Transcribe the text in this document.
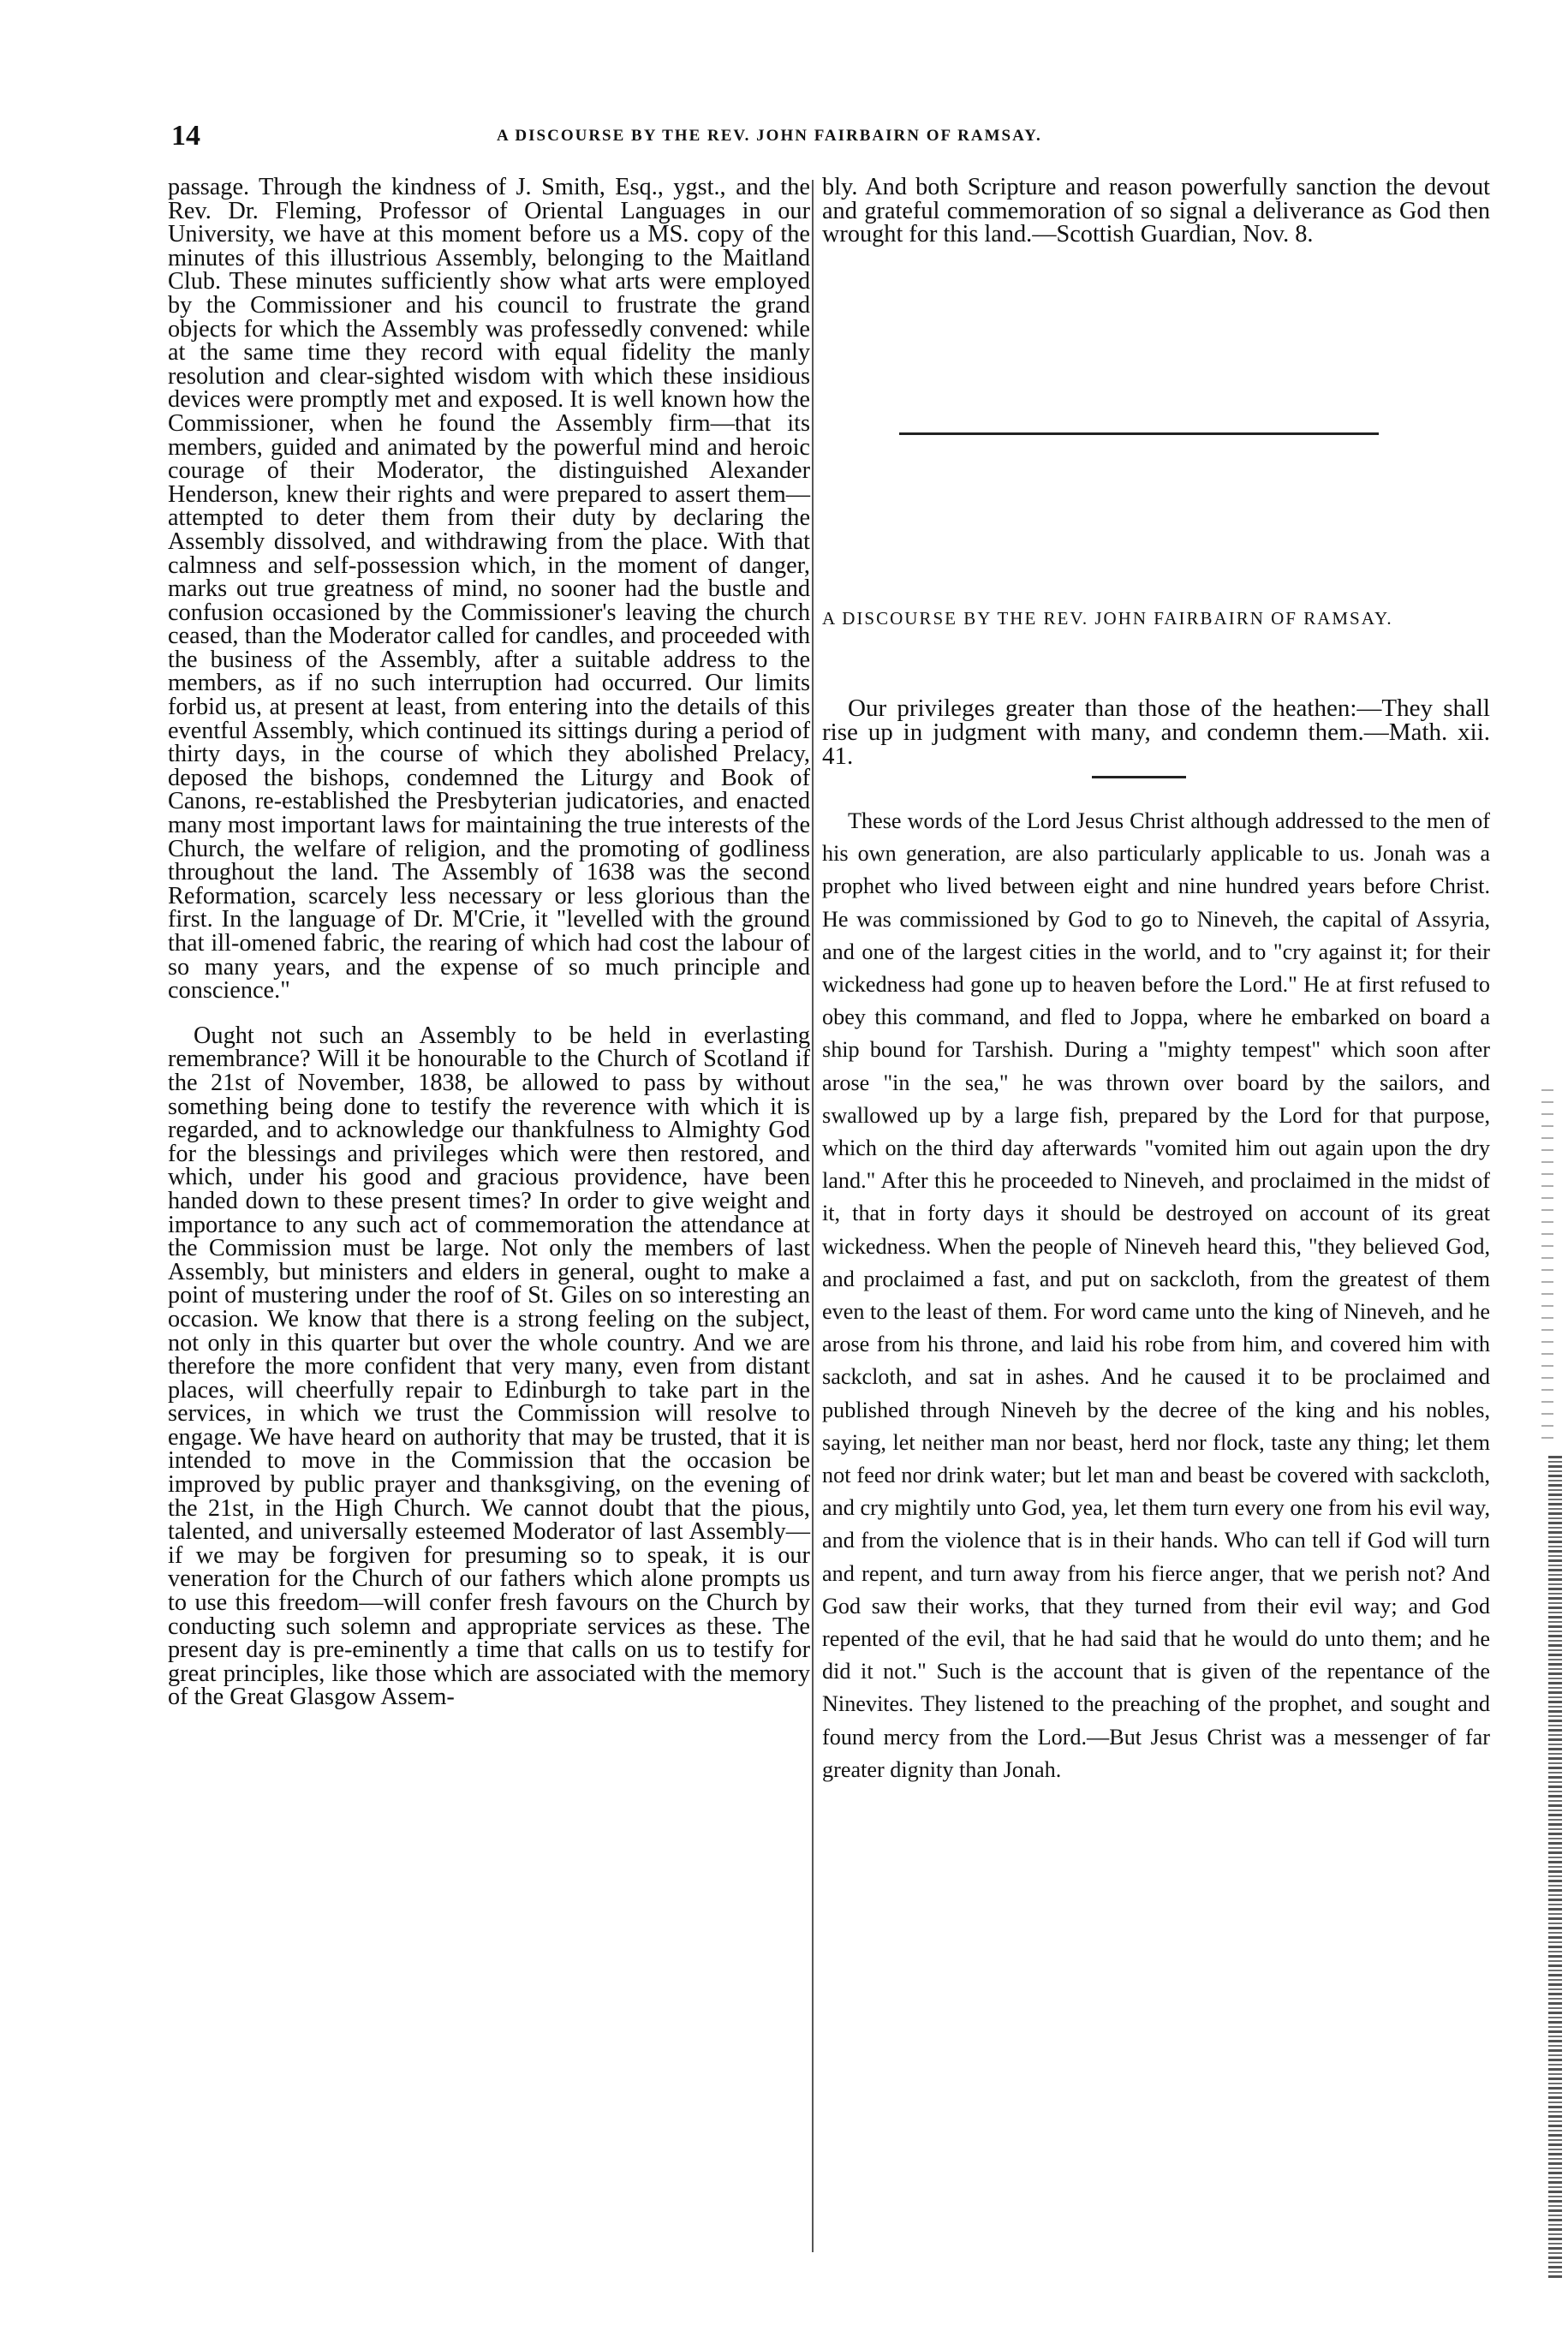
14	A DISCOURSE BY THE REV. JOHN FAIRBAIRN OF RAMSAY.

passage. Through the kindness of J. Smith, Esq., ygst., and the Rev. Dr. Fleming, Professor of Oriental Languages in our University, we have at this moment before us a MS. copy of the minutes of this illustrious Assembly, belonging to the Maitland Club. These minutes sufficiently show what arts were employed by the Commissioner and his council to frustrate the grand objects for which the Assembly was professedly convened: while at the same time they record with equal fidelity the manly resolution and clear-sighted wisdom with which these insidious devices were promptly met and exposed. It is well known how the Commissioner, when he found the Assembly firm—that its members, guided and animated by the powerful mind and heroic courage of their Moderator, the distinguished Alexander Henderson, knew their rights and were prepared to assert them—attempted to deter them from their duty by declaring the Assembly dissolved, and withdrawing from the place. With that calmness and self-possession which, in the moment of danger, marks out true greatness of mind, no sooner had the bustle and confusion occasioned by the Commissioner's leaving the church ceased, than the Moderator called for candles, and proceeded with the business of the Assembly, after a suitable address to the members, as if no such interruption had occurred. Our limits forbid us, at present at least, from entering into the details of this eventful Assembly, which continued its sittings during a period of thirty days, in the course of which they abolished Prelacy, deposed the bishops, condemned the Liturgy and Book of Canons, re-established the Presbyterian judicatories, and enacted many most important laws for maintaining the true interests of the Church, the welfare of religion, and the promoting of godliness throughout the land. The Assembly of 1638 was the second Reformation, scarcely less necessary or less glorious than the first. In the language of Dr. M'Crie, it "levelled with the ground that ill-omened fabric, the rearing of which had cost the labour of so many years, and the expense of so much principle and conscience."

Ought not such an Assembly to be held in everlasting remembrance? Will it be honourable to the Church of Scotland if the 21st of November, 1838, be allowed to pass by without something being done to testify the reverence with which it is regarded, and to acknowledge our thankfulness to Almighty God for the blessings and privileges which were then restored, and which, under his good and gracious providence, have been handed down to these present times? In order to give weight and importance to any such act of commemoration the attendance at the Commission must be large. Not only the members of last Assembly, but ministers and elders in general, ought to make a point of mustering under the roof of St. Giles on so interesting an occasion. We know that there is a strong feeling on the subject, not only in this quarter but over the whole country. And we are therefore the more confident that very many, even from distant places, will cheerfully repair to Edinburgh to take part in the services, in which we trust the Commission will resolve to engage. We have heard on authority that may be trusted, that it is intended to move in the Commission that the occasion be improved by public prayer and thanksgiving, on the evening of the 21st, in the High Church. We cannot doubt that the pious, talented, and universally esteemed Moderator of last Assembly—if we may be forgiven for presuming so to speak, it is our veneration for the Church of our fathers which alone prompts us to use this freedom—will confer fresh favours on the Church by conducting such solemn and appropriate services as these. The present day is pre-eminently a time that calls on us to testify for great principles, like those which are associated with the memory of the Great Glasgow Assem-

bly. And both Scripture and reason powerfully sanction the devout and grateful commemoration of so signal a deliverance as God then wrought for this land.—Scottish Guardian, Nov. 8.

A DISCOURSE BY THE REV. JOHN FAIRBAIRN OF RAMSAY.
Our privileges greater than those of the heathen:—They shall rise up in judgment with many, and condemn them.—Math. xii. 41.

These words of the Lord Jesus Christ although addressed to the men of his own generation, are also particularly applicable to us. Jonah was a prophet who lived between eight and nine hundred years before Christ. He was commissioned by God to go to Nineveh, the capital of Assyria, and one of the largest cities in the world, and to "cry against it; for their wickedness had gone up to heaven before the Lord." He at first refused to obey this command, and fled to Joppa, where he embarked on board a ship bound for Tarshish. During a "mighty tempest" which soon after arose "in the sea," he was thrown over board by the sailors, and swallowed up by a large fish, prepared by the Lord for that purpose, which on the third day afterwards "vomited him out again upon the dry land." After this he proceeded to Nineveh, and proclaimed in the midst of it, that in forty days it should be destroyed on account of its great wickedness. When the people of Nineveh heard this, "they believed God, and proclaimed a fast, and put on sackcloth, from the greatest of them even to the least of them. For word came unto the king of Nineveh, and he arose from his throne, and laid his robe from him, and covered him with sackcloth, and sat in ashes. And he caused it to be proclaimed and published through Nineveh by the decree of the king and his nobles, saying, let neither man nor beast, herd nor flock, taste any thing; let them not feed nor drink water; but let man and beast be covered with sackcloth, and cry mightily unto God, yea, let them turn every one from his evil way, and from the violence that is in their hands. Who can tell if God will turn and repent, and turn away from his fierce anger, that we perish not? And God saw their works, that they turned from their evil way; and God repented of the evil, that he had said that he would do unto them; and he did it not." Such is the account that is given of the repentance of the Ninevites. They listened to the preaching of the prophet, and sought and found mercy from the Lord.—But Jesus Christ was a messenger of far greater dignity than Jonah.
